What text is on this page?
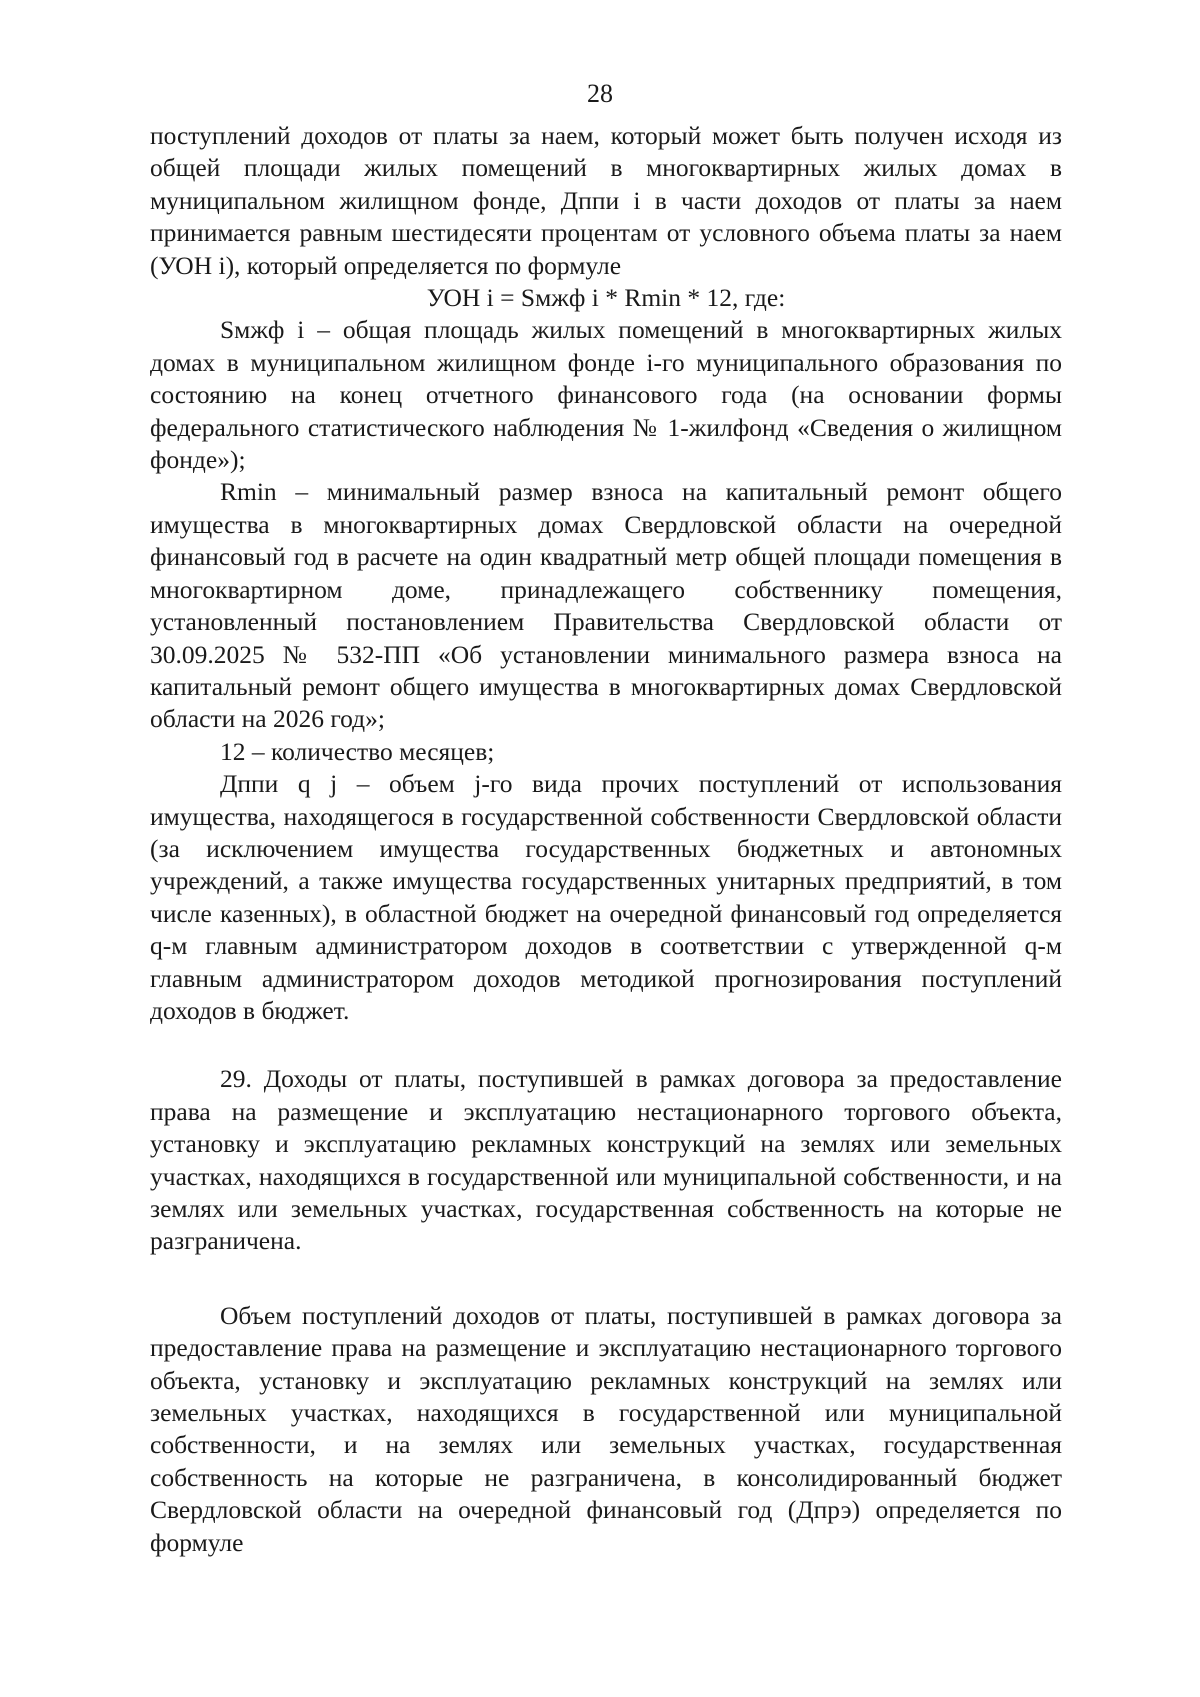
28

поступлений доходов от платы за наем, который может быть получен исходя из общей площади жилых помещений в многоквартирных жилых домах в муниципальном жилищном фонде, Дппи i в части доходов от платы за наем принимается равным шестидесяти процентам от условного объема платы за наем (УОН i), который определяется по формуле

УОН i = Sмжф i * Rmin * 12, где:

Sмжф i – общая площадь жилых помещений в многоквартирных жилых домах в муниципальном жилищном фонде i-го муниципального образования по состоянию на конец отчетного финансового года (на основании формы федерального статистического наблюдения № 1-жилфонд «Сведения о жилищном фонде»);

Rmin – минимальный размер взноса на капитальный ремонт общего имущества в многоквартирных домах Свердловской области на очередной финансовый год в расчете на один квадратный метр общей площади помещения в многоквартирном доме, принадлежащего собственнику помещения, установленный постановлением Правительства Свердловской области от 30.09.2025 № 532-ПП «Об установлении минимального размера взноса на капитальный ремонт общего имущества в многоквартирных домах Свердловской области на 2026 год»;

12 – количество месяцев;

Дппи q j – объем j-го вида прочих поступлений от использования имущества, находящегося в государственной собственности Свердловской области (за исключением имущества государственных бюджетных и автономных учреждений, а также имущества государственных унитарных предприятий, в том числе казенных), в областной бюджет на очередной финансовый год определяется q-м главным администратором доходов в соответствии с утвержденной q-м главным администратором доходов методикой прогнозирования поступлений доходов в бюджет.

29. Доходы от платы, поступившей в рамках договора за предоставление права на размещение и эксплуатацию нестационарного торгового объекта, установку и эксплуатацию рекламных конструкций на землях или земельных участках, находящихся в государственной или муниципальной собственности, и на землях или земельных участках, государственная собственность на которые не разграничена.

Объем поступлений доходов от платы, поступившей в рамках договора за предоставление права на размещение и эксплуатацию нестационарного торгового объекта, установку и эксплуатацию рекламных конструкций на землях или земельных участках, находящихся в государственной или муниципальной собственности, и на землях или земельных участках, государственная собственность на которые не разграничена, в консолидированный бюджет Свердловской области на очередной финансовый год (Дпрэ) определяется по формуле
